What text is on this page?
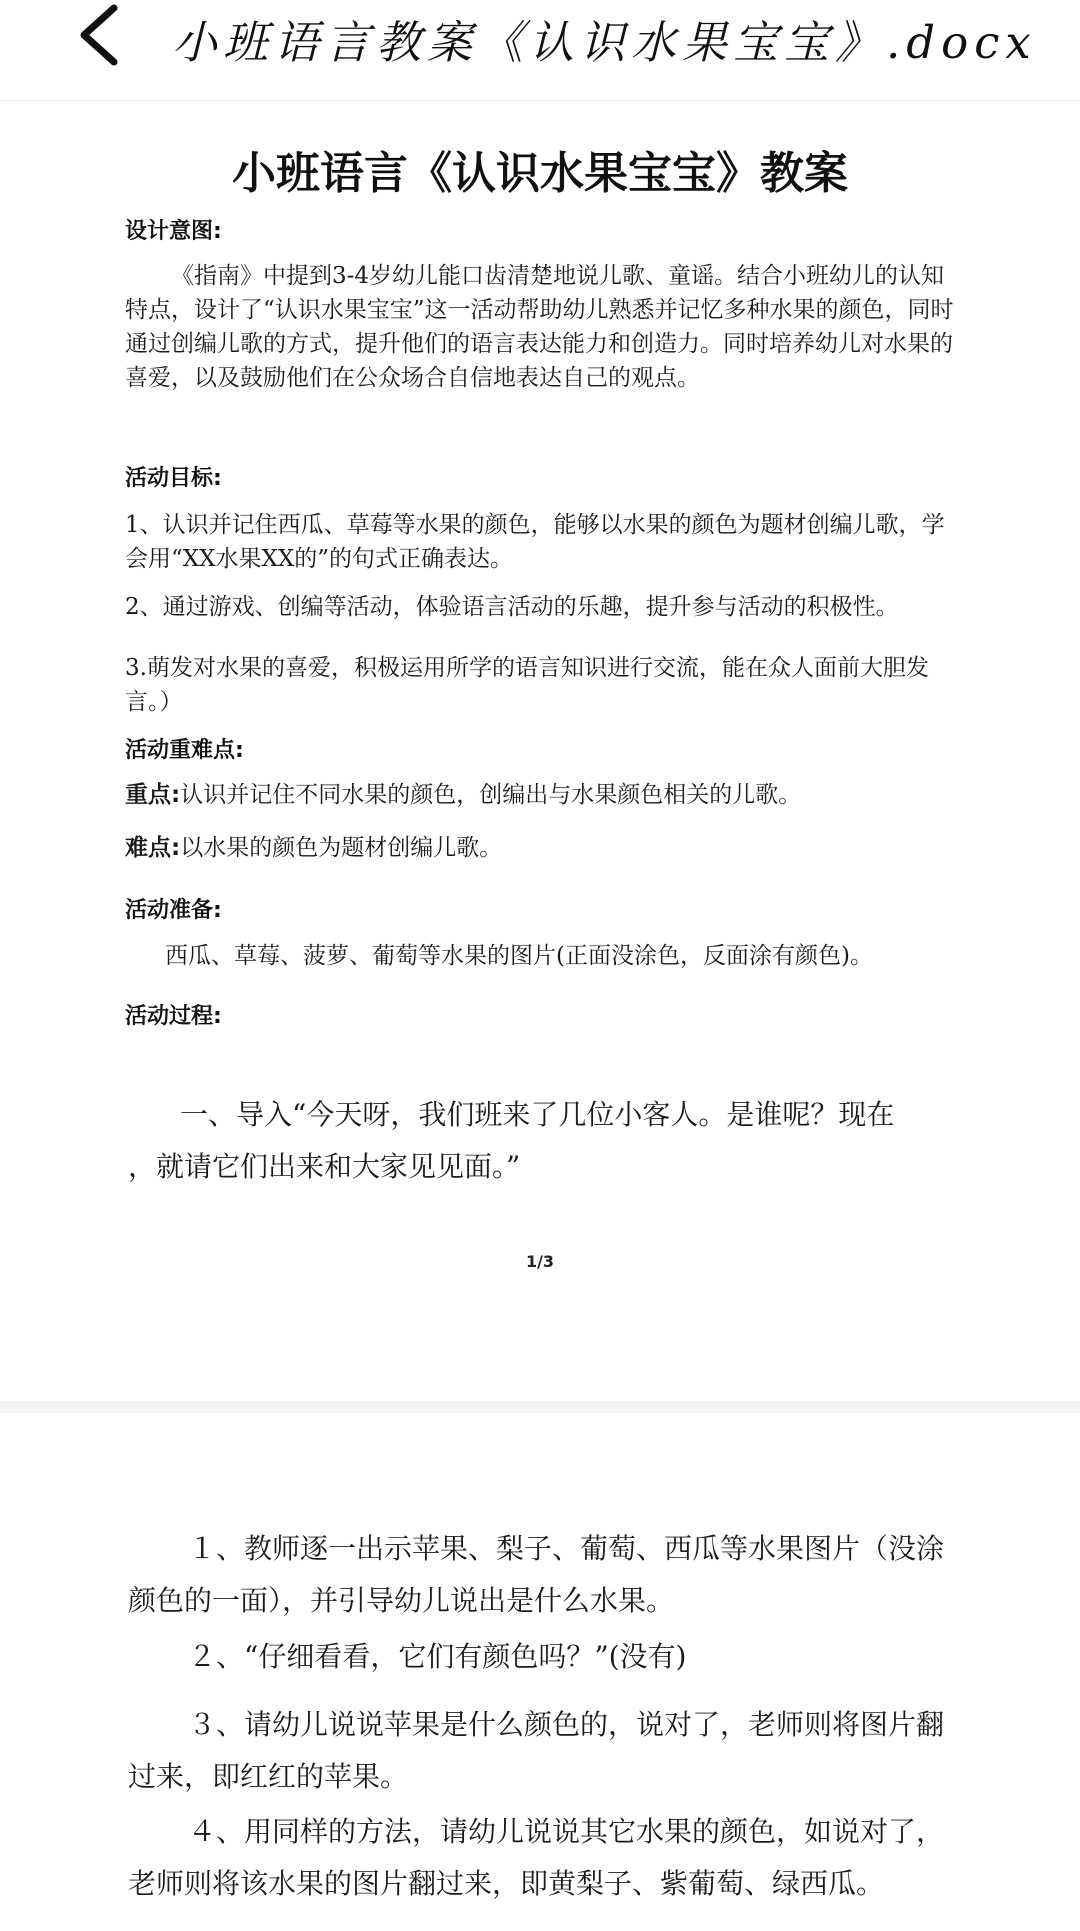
小班语言教案《认识水果宝宝》.docx
小班语言《认识水果宝宝》教案
设计意图:
《指南》中提到3-4岁幼儿能口齿清楚地说儿歌、童谣。结合小班幼儿的认知特点，设计了“认识水果宝宝”这一活动帮助幼儿熟悉并记忆多种水果的颜色，同时通过创编儿歌的方式，提升他们的语言表达能力和创造力。同时培养幼儿对水果的喜爱，以及鼓励他们在公众场合自信地表达自己的观点。
活动目标:
1、认识并记住西瓜、草莓等水果的颜色，能够以水果的颜色为题材创编儿歌，学会用“XX水果XX的”的句式正确表达。
2、通过游戏、创编等活动，体验语言活动的乐趣，提升参与活动的积极性。
3.萌发对水果的喜爱，积极运用所学的语言知识进行交流，能在众人面前大胆发言。）
活动重难点:
重点:认识并记住不同水果的颜色，创编出与水果颜色相关的儿歌。
难点:以水果的颜色为题材创编儿歌。
活动准备:
西瓜、草莓、菠萝、葡萄等水果的图片(正面没涂色，反面涂有颜色)。
活动过程:
一、导入“今天呀，我们班来了几位小客人。是谁呢？现在
，就请它们出来和大家见见面。”
1/3
１、教师逐一出示苹果、梨子、葡萄、西瓜等水果图片（没涂颜色的一面），并引导幼儿说出是什么水果。
２、“仔细看看，它们有颜色吗？”(没有)
３、请幼儿说说苹果是什么颜色的，说对了，老师则将图片翻过来，即红红的苹果。
４、用同样的方法，请幼儿说说其它水果的颜色，如说对了，老师则将该水果的图片翻过来，即黄梨子、紫葡萄、绿西瓜。
